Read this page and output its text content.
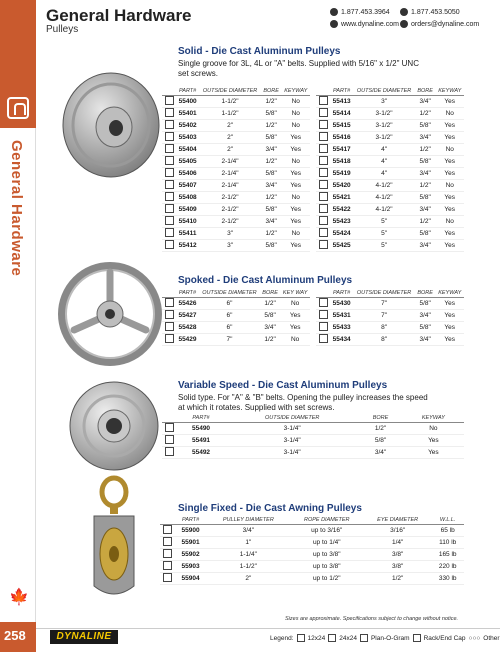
General Hardware
🍁
258
General Hardware
Pulleys
1.877.453.3964	1.877.453.5050
www.dynaline.com orders@dynaline.com
Solid - Die Cast Aluminum Pulleys
Single groove for 3L, 4L or "A" belts. Supplied with 5/16" x 1/2" UNC
set screws.
	PART#	OUTSIDE DIAMETER	BORE	KEYWAY
	55400	1-1/2"	1/2"	No
	55401	1-1/2"	5/8"	No
	55402	2"	1/2"	No
	55403	2"	5/8"	Yes
	55404	2"	3/4"	Yes
	55405	2-1/4"	1/2"	No
	55406	2-1/4"	5/8"	Yes
	55407	2-1/4"	3/4"	Yes
	55408	2-1/2"	1/2"	No
	55409	2-1/2"	5/8"	Yes
	55410	2-1/2"	3/4"	Yes
	55411	3"	1/2"	No
	55412	3"	5/8"	Yes
	PART#	OUTSIDE DIAMETER	BORE	KEYWAY
	55413	3"	3/4"	Yes
	55414	3-1/2"	1/2"	No
	55415	3-1/2"	5/8"	Yes
	55416	3-1/2"	3/4"	Yes
	55417	4"	1/2"	No
	55418	4"	5/8"	Yes
	55419	4"	3/4"	Yes
	55420	4-1/2"	1/2"	No
	55421	4-1/2"	5/8"	Yes
	55422	4-1/2"	3/4"	Yes
	55423	5"	1/2"	No
	55424	5"	5/8"	Yes
	55425	5"	3/4"	Yes
Spoked - Die Cast Aluminum Pulleys
	PART#	OUTSIDE DIAMETER	BORE	KEY WAY
	55426	6"	1/2"	No
	55427	6"	5/8"	Yes
	55428	6"	3/4"	Yes
	55429	7"	1/2"	No
	PART#	OUTSIDE DIAMETER	BORE	KEYWAY
	55430	7"	5/8"	Yes
	55431	7"	3/4"	Yes
	55433	8"	5/8"	Yes
	55434	8"	3/4"	Yes
Variable Speed - Die Cast Aluminum Pulleys
Solid type. For "A" & "B" belts. Opening the pulley increases the speed
at which it rotates. Supplied with set screws.
	PART#	OUTSIDE DIAMETER	BORE	KEYWAY
	55490	3-1/4"	1/2"	No
	55491	3-1/4"	5/8"	Yes
	55492	3-1/4"	3/4"	Yes
Single Fixed - Die Cast Awning Pulleys
	PART#	PULLEY DIAMETER	ROPE DIAMETER	EYE DIAMETER	W.L.L.
	55900	3/4"	up to 3/16"	3/16"	65 lb
	55901	1"	up to 1/4"	1/4"	110 lb
	55902	1-1/4"	up to 3/8"	3/8"	165 lb
	55903	1-1/2"	up to 3/8"	3/8"	220 lb
	55904	2"	up to 1/2"	1/2"	330 lb
Sizes are approximate. Specifications subject to change without notice.
DYNALINE	Legend: 12x24 24x24 Plan-O-Gram Rack/End Cap ○○○ Other
